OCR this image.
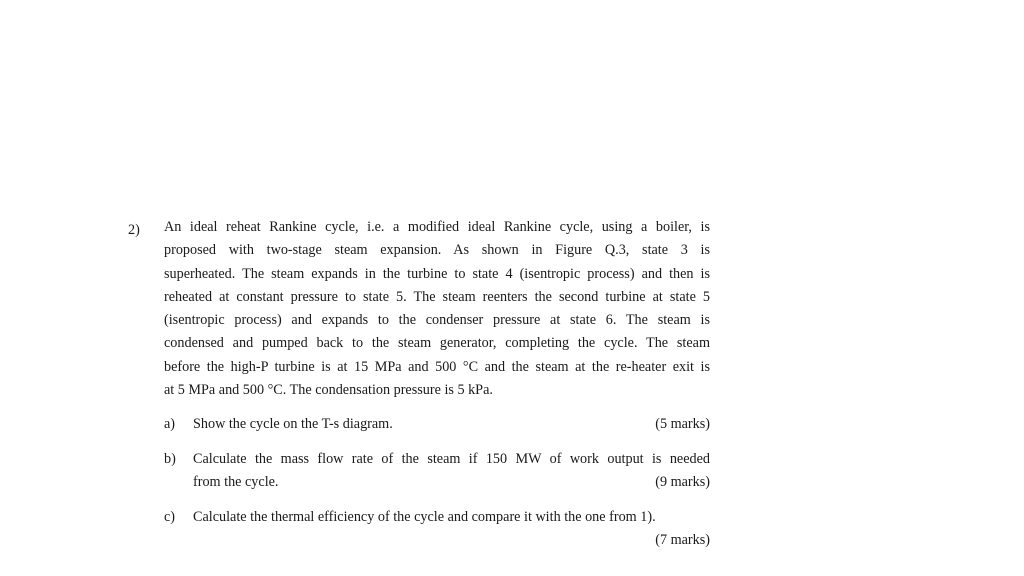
2) An ideal reheat Rankine cycle, i.e. a modified ideal Rankine cycle, using a boiler, is
proposed with two-stage steam expansion. As shown in Figure Q.3, state 3 is
superheated. The steam expands in the turbine to state 4 (isentropic process) and then is
reheated at constant pressure to state 5. The steam reenters the second turbine at state 5
(isentropic process) and expands to the condenser pressure at state 6. The steam is
condensed and pumped back to the steam generator, completing the cycle. The steam
before the high-P turbine is at 15 MPa and 500 °C and the steam at the re-heater exit is
at 5 MPa and 500 °C. The condensation pressure is 5 kPa.

a) Show the cycle on the T-s diagram.	(5 marks)
b) Calculate the mass flow rate of the steam if 150 MW of work output is needed
from the cycle.	(9 marks)
c) Calculate the thermal efficiency of the cycle and compare it with the one from 1).
(7 marks)
